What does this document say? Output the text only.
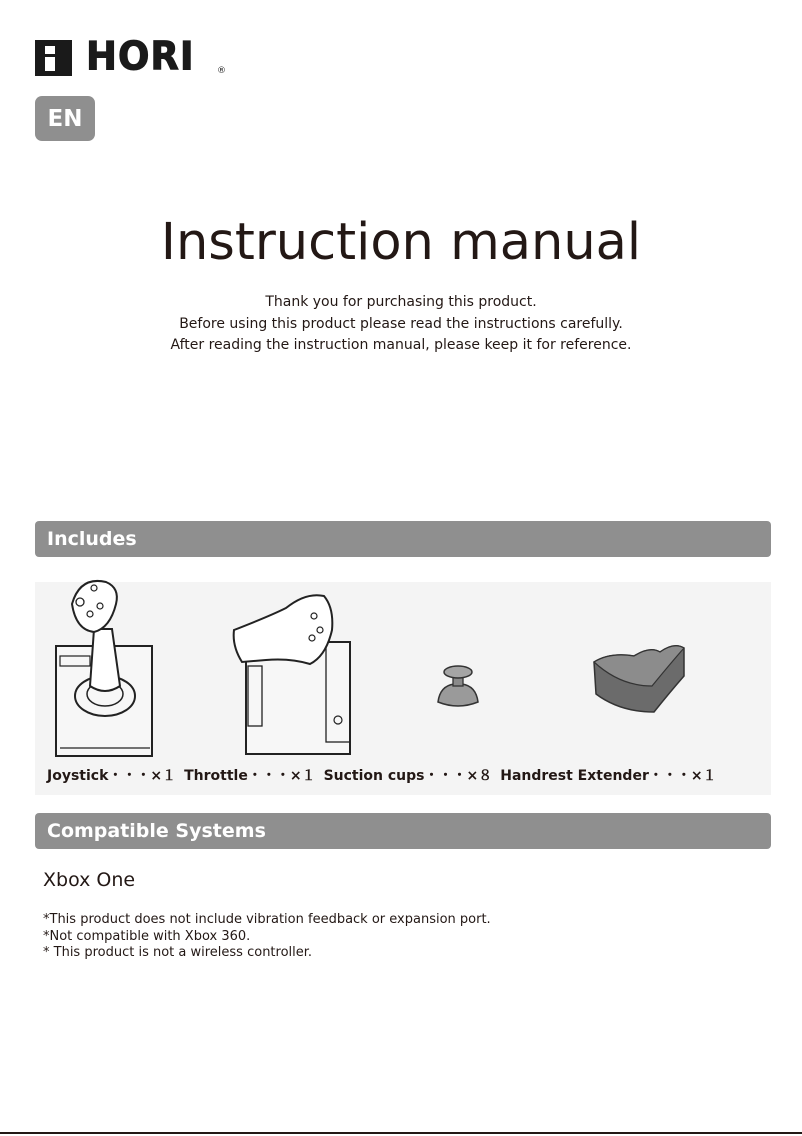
HORI ®
EN
Instruction manual
Thank you for purchasing this product.
Before using this product please read the instructions carefully.
After reading the instruction manual, please keep it for reference.
Includes
Joystick・・・×１ Throttle・・・×１ Suction cups・・・×８ Handrest Extender・・・×１
Compatible Systems
Xbox One
*This product does not include vibration feedback or expansion port.
*Not compatible with Xbox 360.
* This product is not a wireless controller.
